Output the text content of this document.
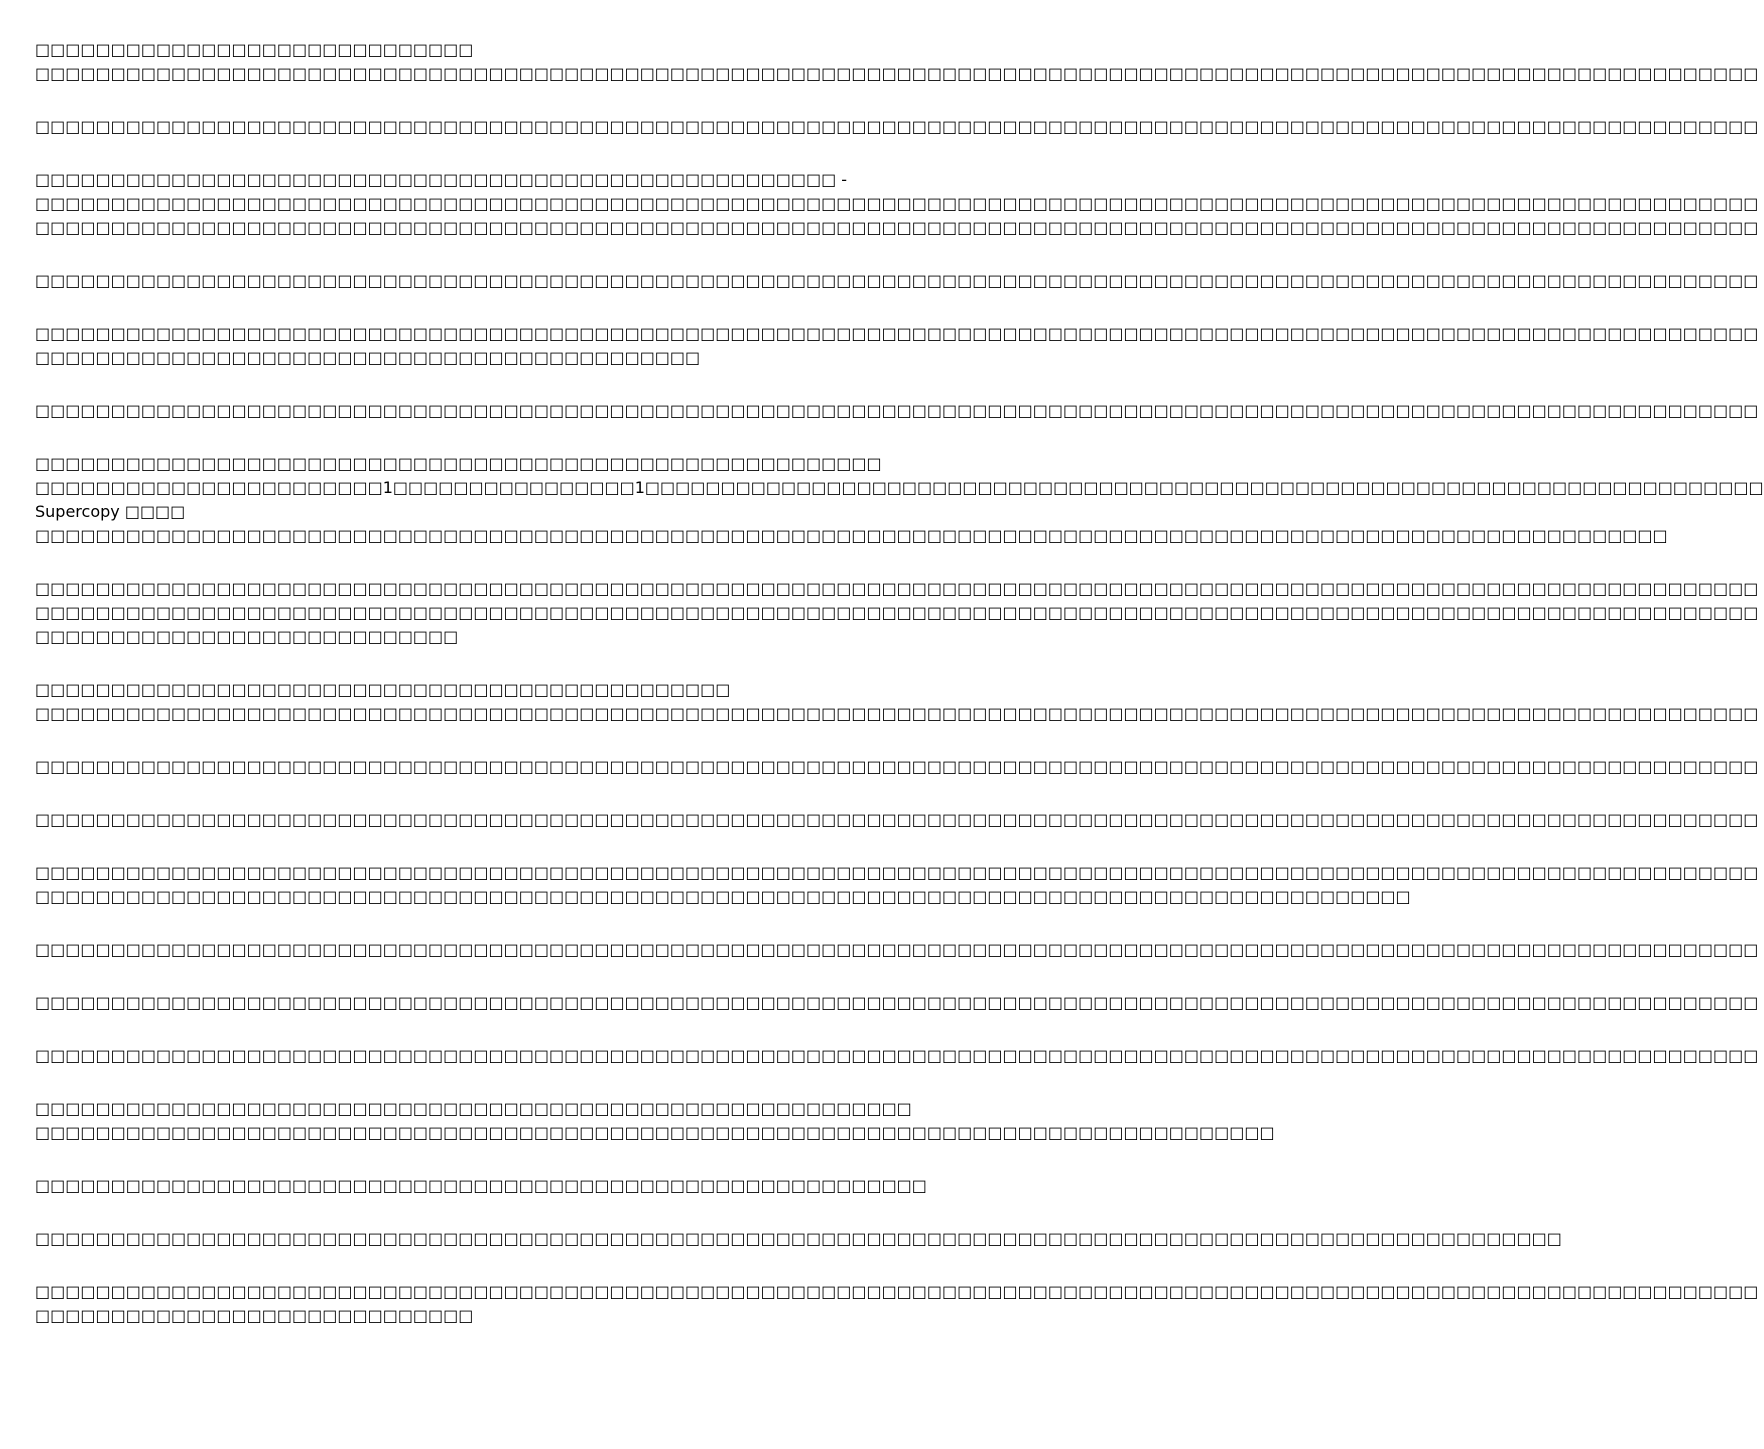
□□□□□□□□□□□□□□□□□□□□□□□□□□□□□
□□□□□□□□□□□□□□□□□□□□□□□□□□□□□□□□□□□□□□□□□□□□□□□□□□□□□□□□□□□□□□□□□□□□□□□□□□□□□□□□□□□□□□□□□□□□□□□□□□□□□□□□□□□□□□□□□□
□□□□□□□□□□□□□□□□□□□□□□□□□□□□□□□□□□□□□□□□□□□□□□□□□□□□□□□□□□□□□□□□□□□□□□□□□□□□□□□□□□□□□□□□□□□□□□□□□□□□□□□□□□□□□□□□□□
□□□□□□□□□□□□□□□□□□□□□□□□□□□□□□□□□□□□□□□□□□□□□□□□□□□□□ -
□□□□□□□□□□□□□□□□□□□□□□□□□□□□□□□□□□□□□□□□□□□□□□□□□□□□□□□□□□□□□□□□□□□□□□□□□□□□□□□□□□□□□□□□□□□□□□□□□□□□□□□□□□□□□□□□□□
□□□□□□□□□□□□□□□□□□□□□□□□□□□□□□□□□□□□□□□□□□□□□□□□□□□□□□□□□□□□□□□□□□□□□□□□□□□□□□□□□□□□□□□□□□□□□□□□□□□□□□□□□□□□□□□□□□
□□□□□□□□□□□□□□□□□□□□□□□□□□□□□□□□□□□□□□□□□□□□□□□□□□□□□□□□□□□□□□□□□□□□□□□□□□□□□□□□□□□□□□□□□□□□□□□□□□□□□□□□□□□□□□□□□□
□□□□□□□□□□□□□□□□□□□□□□□□□□□□□□□□□□□□□□□□□□□□□□□□□□□□□□□□□□□□□□□□□□□□□□□□□□□□□□□□□□□□□□□□□□□□□□□□□□□□□□□□□□□□□□□□□□
□□□□□□□□□□□□□□□□□□□□□□□□□□□□□□□□□□□□□□□□□□□□
□□□□□□□□□□□□□□□□□□□□□□□□□□□□□□□□□□□□□□□□□□□□□□□□□□□□□□□□□□□□□□□□□□□□□□□□□□□□□□□□□□□□□□□□□□□□□□□□□□□□□□□□□□□□□□□□□□
□□□□□□□□□□□□□□□□□□□□□□□□□□□□□□□□□□□□□□□□□□□□□□□□□□□□□□□□
□□□□□□□□□□□□□□□□□□□□□□□1□□□□□□□□□□□□□□□□1□□□□□□□□□□□□□□□□□□□□□□□□□□□□□□□□□□□□□□□□□□□□□□□□□□□□□□□□□□□□□□□□□□□□□□□□□□
Supercopy □□□□
□□□□□□□□□□□□□□□□□□□□□□□□□□□□□□□□□□□□□□□□□□□□□□□□□□□□□□□□□□□□□□□□□□□□□□□□□□□□□□□□□□□□□□□□□□□□□□□□□□□□□□□□□□□□
□□□□□□□□□□□□□□□□□□□□□□□□□□□□□□□□□□□□□□□□□□□□□□□□□□□□□□□□□□□□□□□□□□□□□□□□□□□□□□□□□□□□□□□□□□□□□□□□□□□□□□□□□□□□□□□□□□
□□□□□□□□□□□□□□□□□□□□□□□□□□□□□□□□□□□□□□□□□□□□□□□□□□□□□□□□□□□□□□□□□□□□□□□□□□□□□□□□□□□□□□□□□□□□□□□□□□□□□□□□□□□□□□□□□□
□□□□□□□□□□□□□□□□□□□□□□□□□□□□
□□□□□□□□□□□□□□□□□□□□□□□□□□□□□□□□□□□□□□□□□□□□□□
□□□□□□□□□□□□□□□□□□□□□□□□□□□□□□□□□□□□□□□□□□□□□□□□□□□□□□□□□□□□□□□□□□□□□□□□□□□□□□□□□□□□□□□□□□□□□□□□□□□□□□□□□□□□□□□□□□
□□□□□□□□□□□□□□□□□□□□□□□□□□□□□□□□□□□□□□□□□□□□□□□□□□□□□□□□□□□□□□□□□□□□□□□□□□□□□□□□□□□□□□□□□□□□□□□□□□□□□□□□□□□□□□□□□□
□□□□□□□□□□□□□□□□□□□□□□□□□□□□□□□□□□□□□□□□□□□□□□□□□□□□□□□□□□□□□□□□□□□□□□□□□□□□□□□□□□□□□□□□□□□□□□□□□□□□□□□□□□□□□□□□□□
□□□□□□□□□□□□□□□□□□□□□□□□□□□□□□□□□□□□□□□□□□□□□□□□□□□□□□□□□□□□□□□□□□□□□□□□□□□□□□□□□□□□□□□□□□□□□□□□□□□□□□□□□□□□□□□□□□
□□□□□□□□□□□□□□□□□□□□□□□□□□□□□□□□□□□□□□□□□□□□□□□□□□□□□□□□□□□□□□□□□□□□□□□□□□□□□□□□□□□□□□□□□□□
□□□□□□□□□□□□□□□□□□□□□□□□□□□□□□□□□□□□□□□□□□□□□□□□□□□□□□□□□□□□□□□□□□□□□□□□□□□□□□□□□□□□□□□□□□□□□□□□□□□□□□□□□□□□□□□□□□
□□□□□□□□□□□□□□□□□□□□□□□□□□□□□□□□□□□□□□□□□□□□□□□□□□□□□□□□□□□□□□□□□□□□□□□□□□□□□□□□□□□□□□□□□□□□□□□□□□□□□□□□□□□□□□□□□□
□□□□□□□□□□□□□□□□□□□□□□□□□□□□□□□□□□□□□□□□□□□□□□□□□□□□□□□□□□□□□□□□□□□□□□□□□□□□□□□□□□□□□□□□□□□□□□□□□□□□□□□□□□□□□□□□□□
□□□□□□□□□□□□□□□□□□□□□□□□□□□□□□□□□□□□□□□□□□□□□□□□□□□□□□□□□□
□□□□□□□□□□□□□□□□□□□□□□□□□□□□□□□□□□□□□□□□□□□□□□□□□□□□□□□□□□□□□□□□□□□□□□□□□□□□□□□□□□
□□□□□□□□□□□□□□□□□□□□□□□□□□□□□□□□□□□□□□□□□□□□□□□□□□□□□□□□□□□
□□□□□□□□□□□□□□□□□□□□□□□□□□□□□□□□□□□□□□□□□□□□□□□□□□□□□□□□□□□□□□□□□□□□□□□□□□□□□□□□□□□□□□□□□□□□□□□□□□□□□
□□□□□□□□□□□□□□□□□□□□□□□□□□□□□□□□□□□□□□□□□□□□□□□□□□□□□□□□□□□□□□□□□□□□□□□□□□□□□□□□□□□□□□□□□□□□□□□□□□□□□□□□□□□□□□□□□□
□□□□□□□□□□□□□□□□□□□□□□□□□□□□□
